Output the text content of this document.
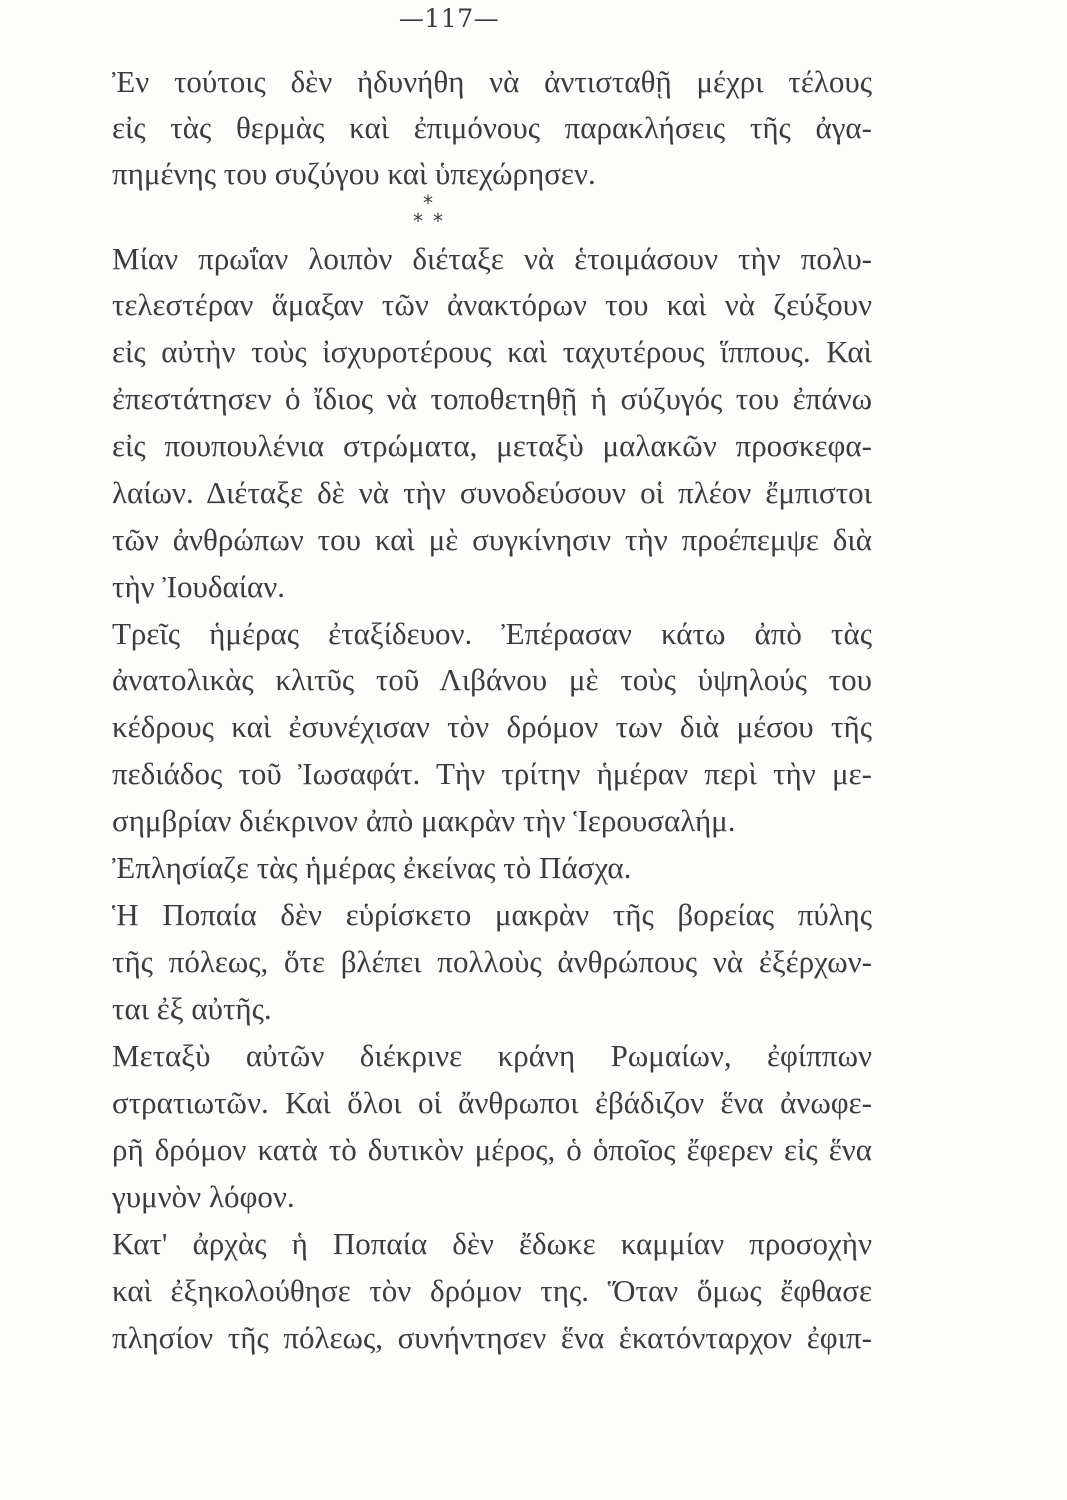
—117—
Ἐν τούτοις δὲν ἠδυνήθη νὰ ἀντισταθῇ μέχρι τέλους
εἰς τὰς θερμὰς καὶ ἐπιμόνους παρακλήσεις τῆς ἀγα-
πημένης του συζύγου καὶ ὑπεχώρησεν.
*
**
Μίαν πρωΐαν λοιπὸν διέταξε νὰ ἑτοιμάσουν τὴν πολυ-
τελεστέραν ἅμαξαν τῶν ἀνακτόρων του καὶ νὰ ζεύξουν
εἰς αὐτὴν τοὺς ἰσχυροτέρους καὶ ταχυτέρους ἵππους. Καὶ
ἐπεστάτησεν ὁ ἴδιος νὰ τοποθετηθῇ ἡ σύζυγός του ἐπάνω
εἰς πουπουλένια στρώματα, μεταξὺ μαλακῶν προσκεφα-
λαίων. Διέταξε δὲ νὰ τὴν συνοδεύσουν οἱ πλέον ἔμπιστοι
τῶν ἀνθρώπων του καὶ μὲ συγκίνησιν τὴν προέπεμψε διὰ
τὴν Ἰουδαίαν.
Τρεῖς ἡμέρας ἐταξίδευον. Ἐπέρασαν κάτω ἀπὸ τὰς
ἀνατολικὰς κλιτῦς τοῦ Λιβάνου μὲ τοὺς ὑψηλούς του
κέδρους καὶ ἐσυνέχισαν τὸν δρόμον των διὰ μέσου τῆς
πεδιάδος τοῦ Ἰωσαφάτ. Τὴν τρίτην ἡμέραν περὶ τὴν με-
σημβρίαν διέκρινον ἀπὸ μακρὰν τὴν Ἱερουσαλήμ.
Ἐπλησίαζε τὰς ἡμέρας ἐκείνας τὸ Πάσχα.
Ἡ Ποπαία δὲν εὑρίσκετο μακρὰν τῆς βορείας πύλης
τῆς πόλεως, ὅτε βλέπει πολλοὺς ἀνθρώπους νὰ ἐξέρχων-
ται ἐξ αὐτῆς.
Μεταξὺ αὐτῶν διέκρινε κράνη Ρωμαίων, ἐφίππων
στρατιωτῶν. Καὶ ὅλοι οἱ ἄνθρωποι ἐβάδιζον ἕνα ἀνωφε-
ρῆ δρόμον κατὰ τὸ δυτικὸν μέρος, ὁ ὁποῖος ἔφερεν εἰς ἕνα
γυμνὸν λόφον.
Κατ' ἀρχὰς ἡ Ποπαία δὲν ἔδωκε καμμίαν προσοχὴν
καὶ ἐξηκολούθησε τὸν δρόμον της. Ὅταν ὅμως ἔφθασε
πλησίον τῆς πόλεως, συνήντησεν ἕνα ἑκατόνταρχον ἐφιπ-
